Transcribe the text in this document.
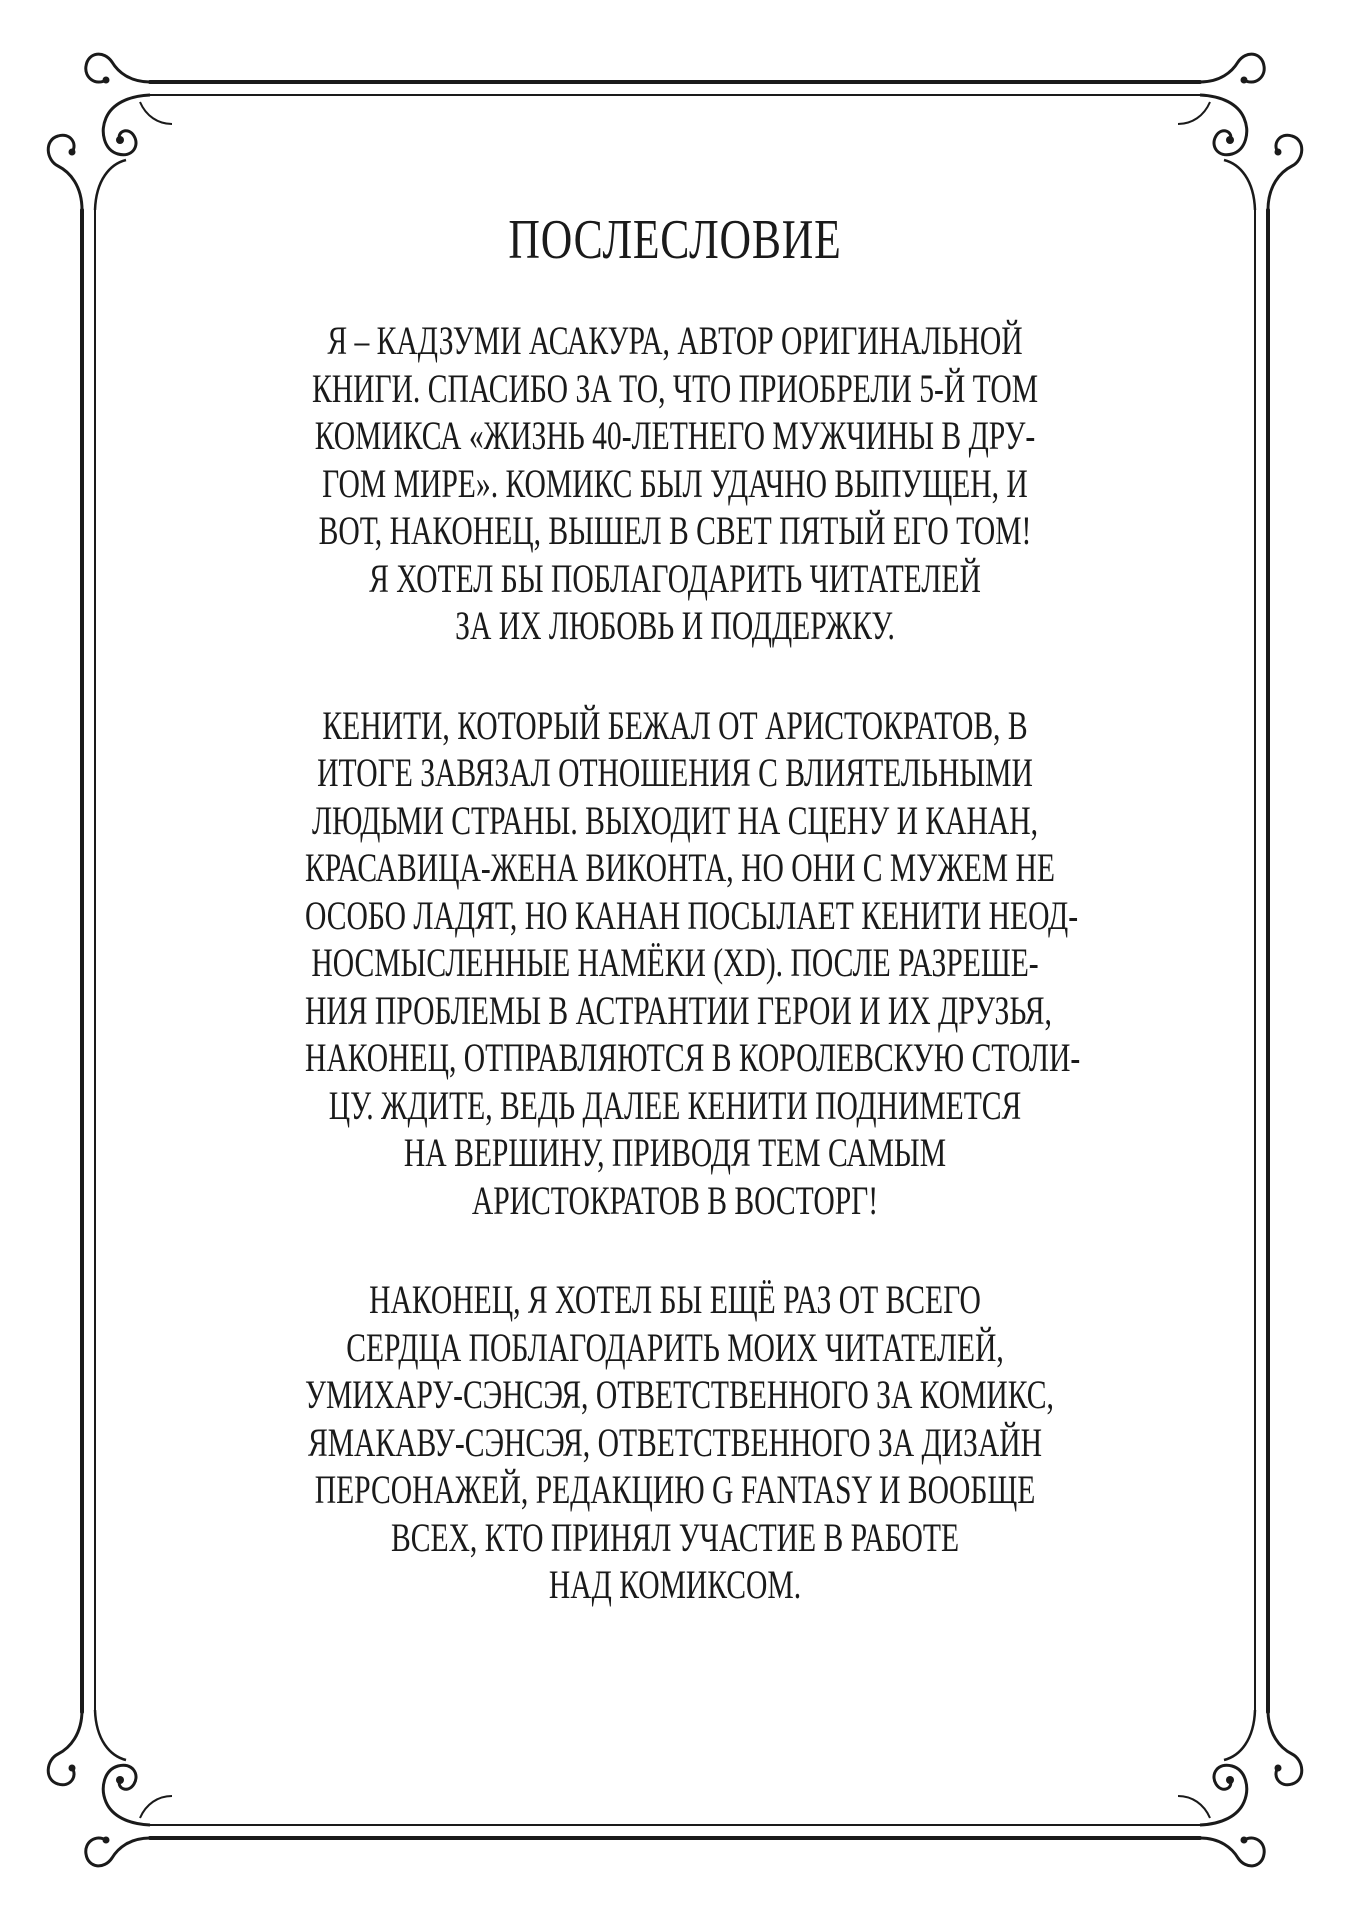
ПОСЛЕСЛОВИЕ
Я – КАДЗУМИ АСАКУРА, АВТОР ОРИГИНАЛЬНОЙ
КНИГИ. СПАСИБО ЗА ТО, ЧТО ПРИОБРЕЛИ 5-Й ТОМ
КОМИКСА «ЖИЗНЬ 40-ЛЕТНЕГО МУЖЧИНЫ В ДРУ-
ГОМ МИРЕ». КОМИКС БЫЛ УДАЧНО ВЫПУЩЕН, И
ВОТ, НАКОНЕЦ, ВЫШЕЛ В СВЕТ ПЯТЫЙ ЕГО ТОМ!
Я ХОТЕЛ БЫ ПОБЛАГОДАРИТЬ ЧИТАТЕЛЕЙ
ЗА ИХ ЛЮБОВЬ И ПОДДЕРЖКУ.
КЕНИТИ, КОТОРЫЙ БЕЖАЛ ОТ АРИСТОКРАТОВ, В
ИТОГЕ ЗАВЯЗАЛ ОТНОШЕНИЯ С ВЛИЯТЕЛЬНЫМИ
ЛЮДЬМИ СТРАНЫ. ВЫХОДИТ НА СЦЕНУ И КАНАН,
КРАСАВИЦА-ЖЕНА ВИКОНТА, НО ОНИ С МУЖЕМ НЕ
ОСОБО ЛАДЯТ, НО КАНАН ПОСЫЛАЕТ КЕНИТИ НЕОД-
НОСМЫСЛЕННЫЕ НАМЁКИ (XD). ПОСЛЕ РАЗРЕШЕ-
НИЯ ПРОБЛЕМЫ В АСТРАНТИИ ГЕРОИ И ИХ ДРУЗЬЯ,
НАКОНЕЦ, ОТПРАВЛЯЮТСЯ В КОРОЛЕВСКУЮ СТОЛИ-
ЦУ. ЖДИТЕ, ВЕДЬ ДАЛЕЕ КЕНИТИ ПОДНИМЕТСЯ
НА ВЕРШИНУ, ПРИВОДЯ ТЕМ САМЫМ
АРИСТОКРАТОВ В ВОСТОРГ!
НАКОНЕЦ, Я ХОТЕЛ БЫ ЕЩЁ РАЗ ОТ ВСЕГО
СЕРДЦА ПОБЛАГОДАРИТЬ МОИХ ЧИТАТЕЛЕЙ,
УМИХАРУ-СЭНСЭЯ, ОТВЕТСТВЕННОГО ЗА КОМИКС,
ЯМАКАВУ-СЭНСЭЯ, ОТВЕТСТВЕННОГО ЗА ДИЗАЙН
ПЕРСОНАЖЕЙ, РЕДАКЦИЮ G FANTASY И ВООБЩЕ
ВСЕХ, КТО ПРИНЯЛ УЧАСТИЕ В РАБОТЕ
НАД КОМИКСОМ.
